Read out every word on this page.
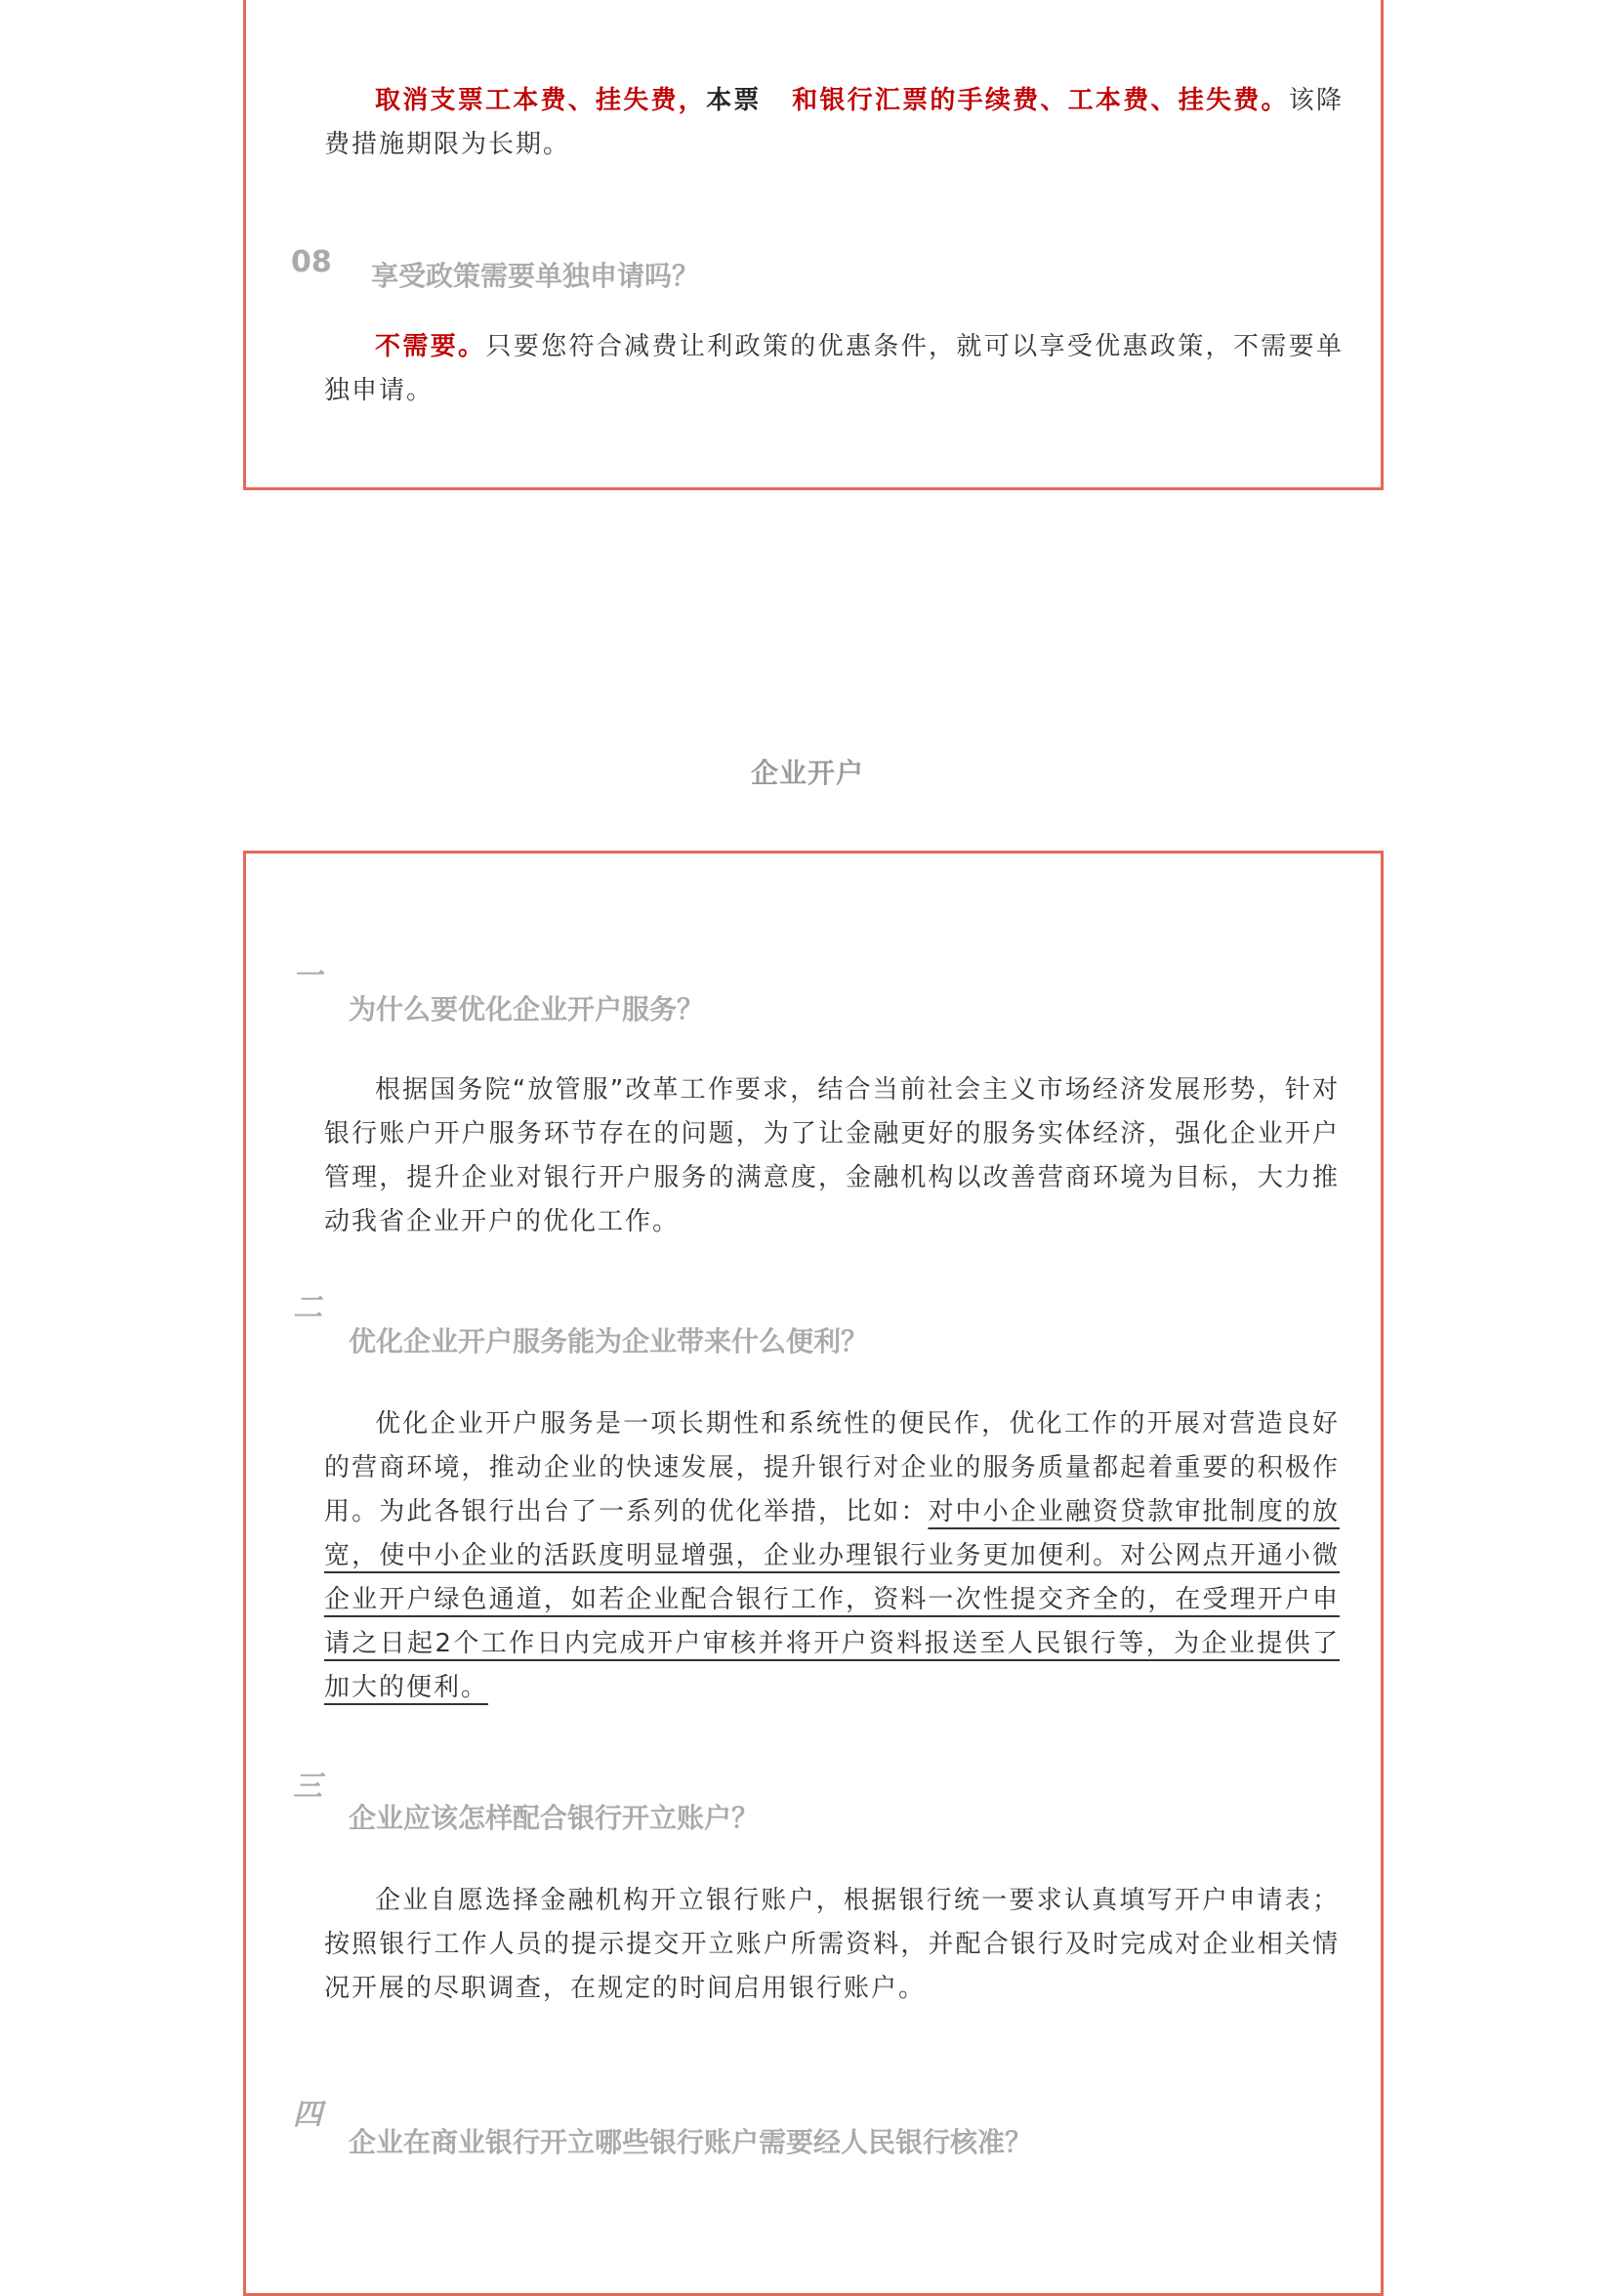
取消支票工本费、挂失费，本票 和银行汇票的手续费、工本费、挂失费。该降费措施期限为长期。

08 享受政策需要单独申请吗？

不需要。只要您符合减费让利政策的优惠条件，就可以享受优惠政策，不需要单独申请。

企业开户
一
为什么要优化企业开户服务？

根据国务院“放管服”改革工作要求，结合当前社会主义市场经济发展形势，针对银行账户开户服务环节存在的问题，为了让金融更好的服务实体经济，强化企业开户管理，提升企业对银行开户服务的满意度，金融机构以改善营商环境为目标，大力推动我省企业开户的优化工作。

二
优化企业开户服务能为企业带来什么便利？

优化企业开户服务是一项长期性和系统性的便民作，优化工作的开展对营造良好的营商环境，推动企业的快速发展，提升银行对企业的服务质量都起着重要的积极作用。为此各银行出台了一系列的优化举措，比如：对中小企业融资贷款审批制度的放宽，使中小企业的活跃度明显增强，企业办理银行业务更加便利。对公网点开通小微企业开户绿色通道，如若企业配合银行工作，资料一次性提交齐全的，在受理开户申请之日起2个工作日内完成开户审核并将开户资料报送至人民银行等，为企业提供了加大的便利。

三
企业应该怎样配合银行开立账户？

企业自愿选择金融机构开立银行账户，根据银行统一要求认真填写开户申请表；按照银行工作人员的提示提交开立账户所需资料，并配合银行及时完成对企业相关情况开展的尽职调查，在规定的时间启用银行账户。

四
企业在商业银行开立哪些银行账户需要经人民银行核准？
